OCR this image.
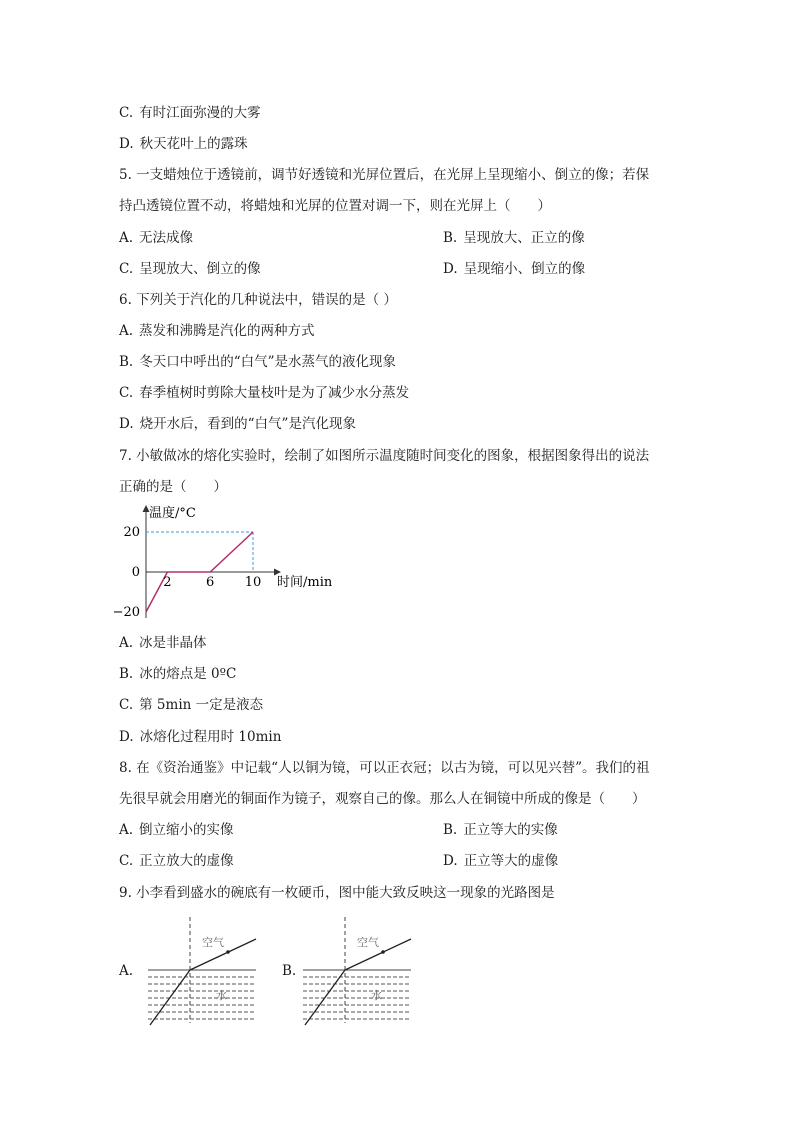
C. 有时江面弥漫的大雾
D. 秋天花叶上的露珠
5. 一支蜡烛位于透镜前，调节好透镜和光屏位置后，在光屏上呈现缩小、倒立的像；若保
持凸透镜位置不动，将蜡烛和光屏的位置对调一下，则在光屏上（　　）
A. 无法成像	B. 呈现放大、正立的像
C. 呈现放大、倒立的像	D. 呈现缩小、倒立的像
6. 下列关于汽化的几种说法中，错误的是（ ）
A. 蒸发和沸腾是汽化的两种方式
B. 冬天口中呼出的“白气”是水蒸气的液化现象
C. 春季植树时剪除大量枝叶是为了减少水分蒸发
D. 烧开水后，看到的“白气”是汽化现象
7. 小敏做冰的熔化实验时，绘制了如图所示温度随时间变化的图象，根据图象得出的说法
正确的是（　　）
温度/°C
时间/min
2	6 10
20
0
−20
A. 冰是非晶体
B. 冰的熔点是 0ºC
C. 第 5min 一定是液态
D. 冰熔化过程用时 10min
8. 在《资治通鉴》中记载“人以铜为镜，可以正衣冠；以古为镜，可以见兴替”。我们的祖
先很早就会用磨光的铜面作为镜子，观察自己的像。那么人在铜镜中所成的像是（　　）
A. 倒立缩小的实像	B. 正立等大的实像
C. 正立放大的虚像	D. 正立等大的虚像
9. 小李看到盛水的碗底有一枚硬币，图中能大致反映这一现象的光路图是
A.
空气
水
B.
空气
水
